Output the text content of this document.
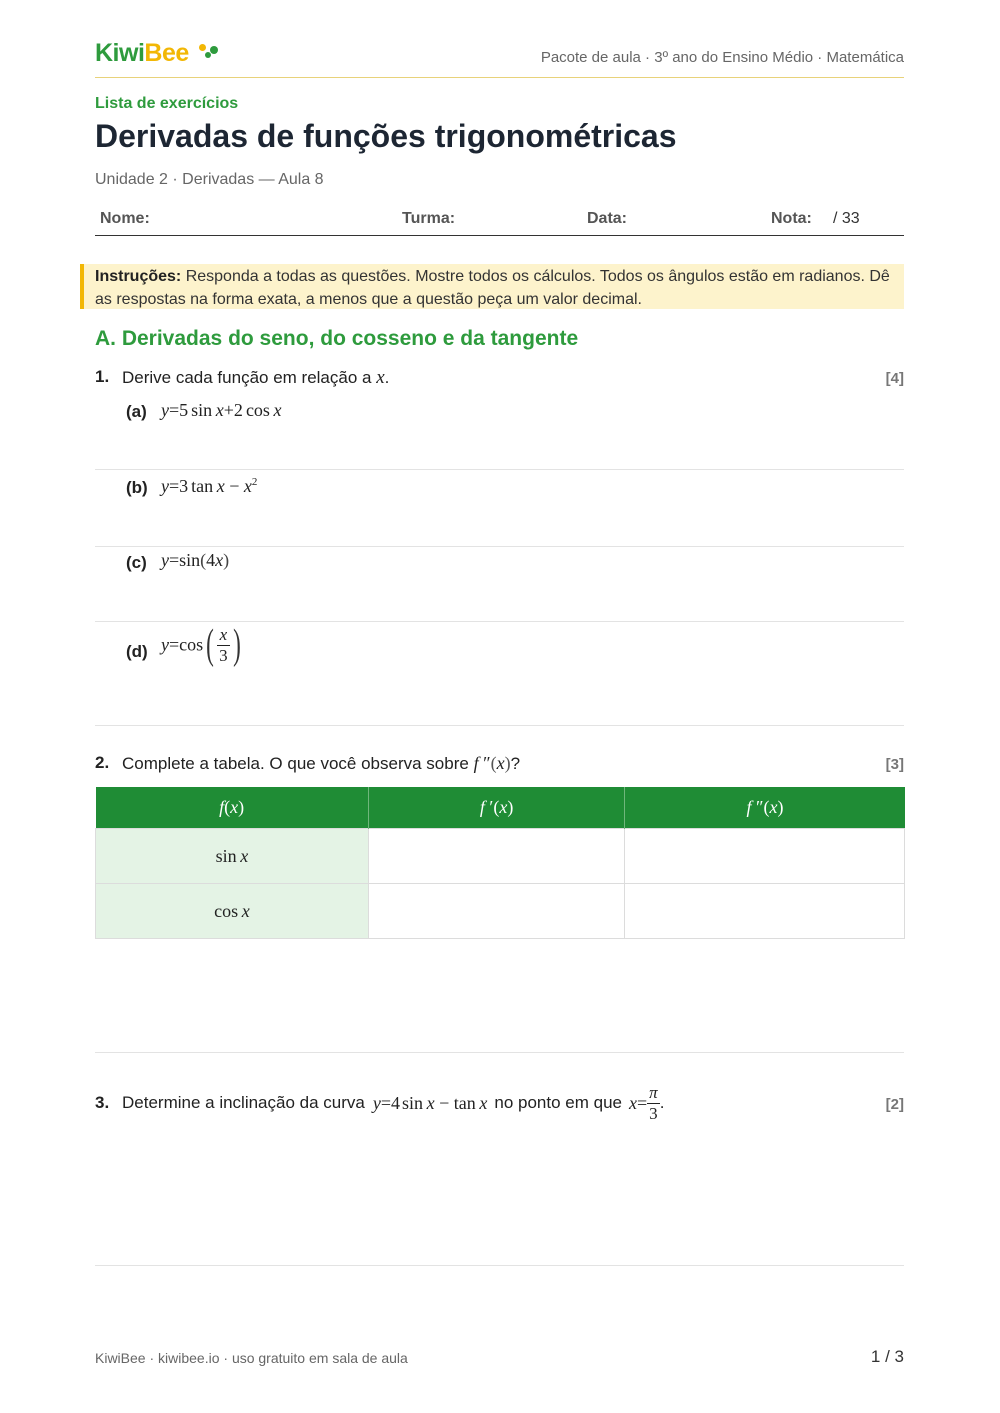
KiwiBee	Pacote de aula · 3º ano do Ensino Médio · Matemática
Lista de exercícios
Derivadas de funções trigonométricas
Unidade 2 · Derivadas — Aula 8
Nome:	Turma:	Data:	Nota: / 33

Instruções: Responda a todas as questões. Mostre todos os cálculos. Todos os ângulos estão em radianos. Dê as respostas na forma exata, a menos que a questão peça um valor decimal.

A. Derivadas do seno, do cosseno e da tangente
1. Derive cada função em relação a x.	[4]
(a) y=5 sin  x+2 cos  x
(b) y=3 $\tan x - x^2$
(c) y=sin(4x)
(d) $y=\cos( \frac{x}{3}$ )
2. Complete a tabela. O que você observa sobre f ″(x)?	[3]
f(x)	f ′(x)	f ″(x)
sin x		
cos x		
3. Determine a inclinação da curva y=4 sin  x − tan x no ponto em que $x = \frac{\pi}{3}$ .	[2]
KiwiBee · kiwibee.io · uso gratuito em sala de aula	1 / 3
